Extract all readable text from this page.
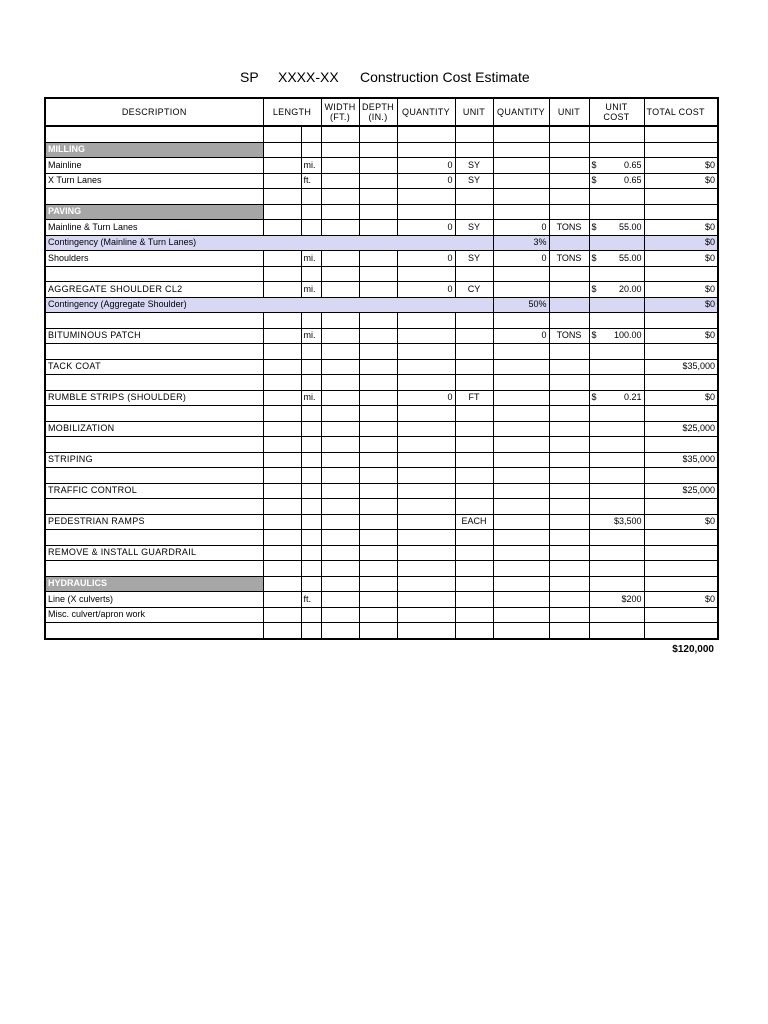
SP XXXX-XX Construction Cost Estimate
DESCRIPTION	LENGTH		WIDTH (FT.)	DEPTH (IN.)	QUANTITY	UNIT	QUANTITY	UNIT	UNIT COST	TOTAL COST

MILLING										
Mainline		mi.			0	SY			$ 0.65	$0
X Turn Lanes		ft.			0	SY			$ 0.65	$0

PAVING										
Mainline & Turn Lanes					0	SY	0	TONS	$ 55.00	$0
Contingency (Mainline & Turn Lanes)							3%			$0
Shoulders		mi.			0	SY	0	TONS	$ 55.00	$0

AGGREGATE SHOULDER CL2		mi.			0	CY			$ 20.00	$0
Contingency (Aggregate Shoulder)							50%			$0

BITUMINOUS PATCH		mi.					0	TONS	$ 100.00	$0

TACK COAT										$35,000

RUMBLE STRIPS (SHOULDER)		mi.			0	FT			$ 0.21	$0

MOBILIZATION										$25,000

STRIPING										$35,000

TRAFFIC CONTROL										$25,000

PEDESTRIAN RAMPS						EACH			$3,500	$0

REMOVE & INSTALL GUARDRAIL										

HYDRAULICS										
Line (X culverts)		ft.							$200	$0
Misc. culvert/apron work										

$120,000
